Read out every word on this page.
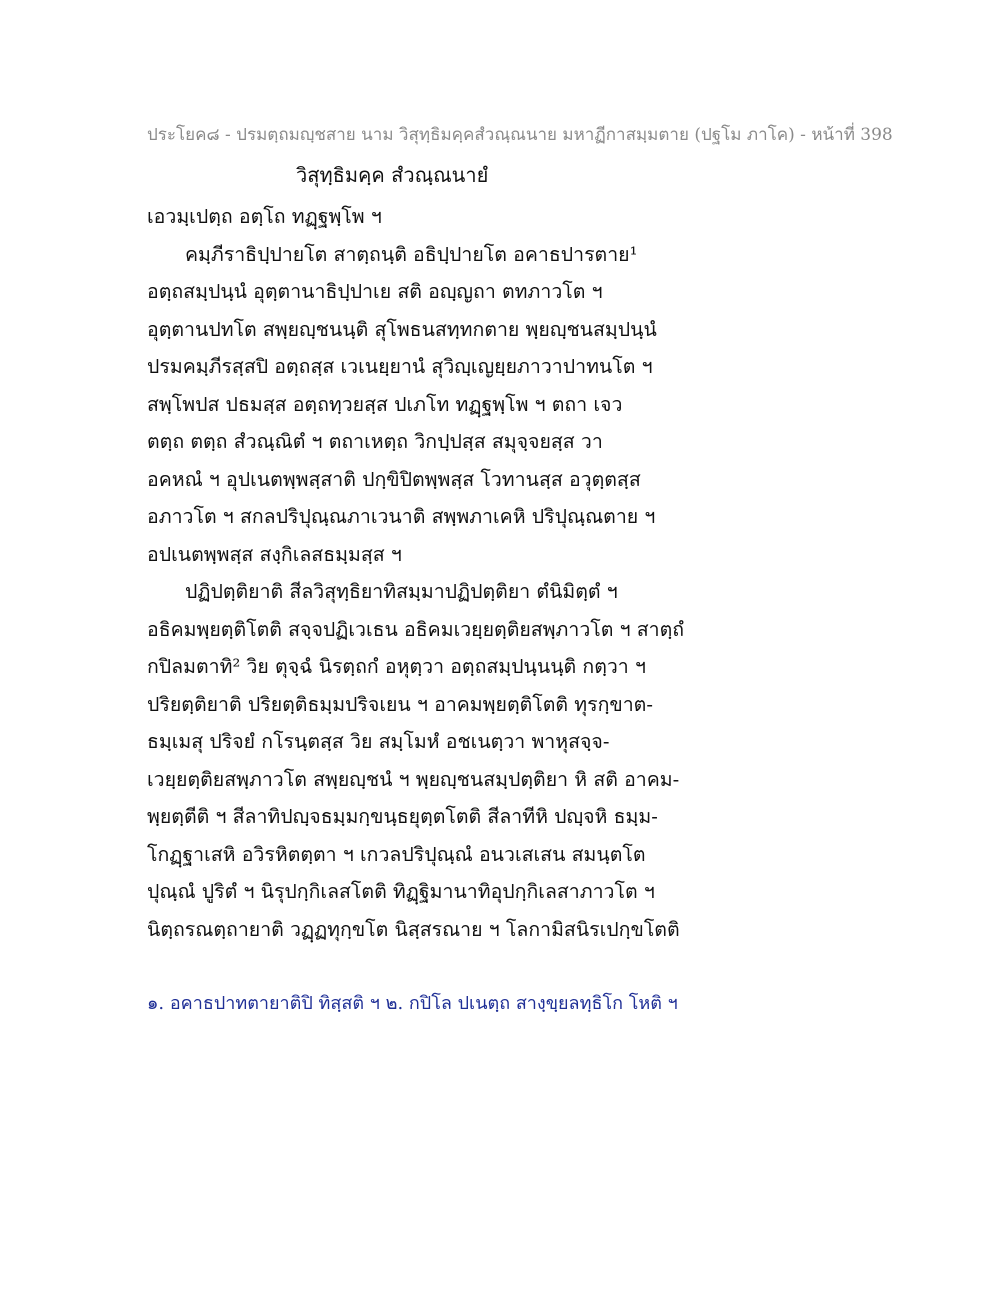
ประโยค๘ - ปรมตฺถมญฺชสาย นาม วิสุทฺธิมคฺคสํวณฺณนาย มหาฏีกาสมฺมตาย (ปฐโม ภาโค) - หน้าที่ 398
วิสุทฺธิมคฺค สํวณฺณนายํ
เอวมฺเปตฺถ อตฺโถ ทฏฺฐพฺโพ ฯ
คมฺภีราธิปฺปายโต สาตฺถนฺติ อธิปฺปายโต อคาธปารตาย¹
อตฺถสมฺปนฺนํ อุตฺตานาธิปฺปาเย สติ อญฺญถา ตทภาวโต ฯ
อุตฺตานปทโต สพฺยญฺชนนฺติ สุโพธนสทฺทกตาย พฺยญฺชนสมฺปนฺนํ
ปรมคมฺภีรสฺสปิ อตฺถสฺส เวเนยฺยานํ สุวิญฺเญยฺยภาวาปาทนโต ฯ
สพฺโพปส ปธมสฺส อตฺถทฺวยสฺส ปเภโท ทฏฺฐพฺโพ ฯ ตถา เจว
ตตฺถ ตตฺถ สํวณฺณิตํ ฯ ตถาเหตฺถ วิกปฺปสฺส สมุจฺจยสฺส วา
อคหณํ ฯ อุปเนตพฺพสฺสาติ ปกฺขิปิตพฺพสฺส โวทานสฺส อวุตฺตสฺส
อภาวโต ฯ สกลปริปุณฺณภาเวนาติ สพฺพภาเคหิ ปริปุณฺณตาย ฯ
อปเนตพฺพสฺส สงฺกิเลสธมฺมสฺส ฯ
ปฏิปตฺติยาติ สีลวิสุทฺธิยาทิสมฺมาปฏิปตฺติยา ตํนิมิตฺตํ ฯ
อธิคมพฺยตฺติโตติ สจฺจปฏิเวเธน อธิคมเวยฺยตฺติยสพฺภาวโต ฯ สาตฺถํ
กปิลมตาทิ² วิย ตุจฺฉํ นิรตฺถกํ อหุตฺวา อตฺถสมฺปนฺนนฺติ กตฺวา ฯ
ปริยตฺติยาติ ปริยตฺติธมฺมปริจเยน ฯ อาคมพฺยตฺติโตติ ทุรกฺขาต-
ธมฺเมสุ ปริจยํ กโรนฺตสฺส วิย สมฺโมหํ อชเนตฺวา พาหุสจฺจ-
เวยฺยตฺติยสพฺภาวโต สพฺยญฺชนํ ฯ พฺยญฺชนสมฺปตฺติยา หิ สติ อาคม-
พฺยตฺตีติ ฯ สีลาทิปญฺจธมฺมกฺขนฺธยุตฺตโตติ สีลาทีหิ ปญฺจหิ ธมฺม-
โกฏฺฐาเสหิ อวิรหิตตฺตา ฯ เกวลปริปุณฺณํ อนวเสเสน สมนฺตโต
ปุณฺณํ ปูริตํ ฯ นิรุปกฺกิเลสโตติ ทิฏฺฐิมานาทิอุปกฺกิเลสาภาวโต ฯ
นิตฺถรณตฺถายาติ วฏฺฏทุกฺขโต นิสฺสรณาย ฯ โลกามิสนิรเปกฺขโตติ
๑. อคาธปาทตายาติปิ ทิสฺสติ ฯ ๒. กปิโล ปเนตฺถ สางฺขฺยลทฺธิโก โหติ ฯ
